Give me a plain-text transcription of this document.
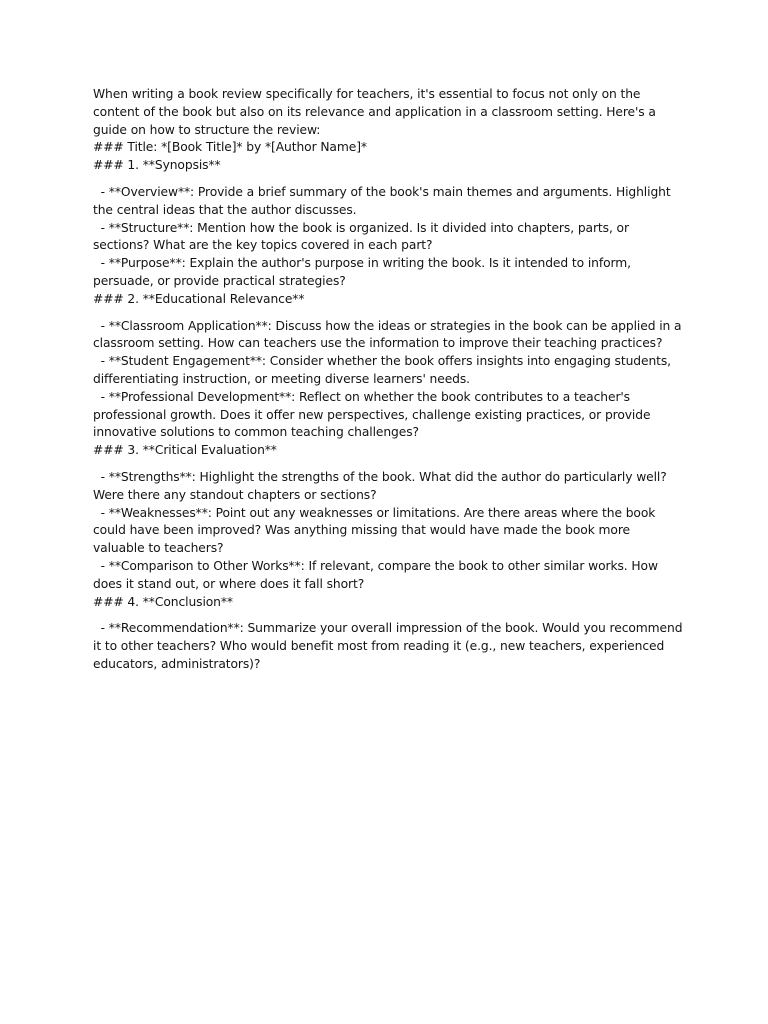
When writing a book review specifically for teachers, it's essential to focus not only on the content of the book but also on its relevance and application in a classroom setting. Here's a guide on how to structure the review:

### Title: *[Book Title]* by *[Author Name]*

### 1. **Synopsis**

- **Overview**: Provide a brief summary of the book's main themes and arguments. Highlight the central ideas that the author discusses.

- **Structure**: Mention how the book is organized. Is it divided into chapters, parts, or sections? What are the key topics covered in each part?

- **Purpose**: Explain the author's purpose in writing the book. Is it intended to inform, persuade, or provide practical strategies?

### 2. **Educational Relevance**

- **Classroom Application**: Discuss how the ideas or strategies in the book can be applied in a classroom setting. How can teachers use the information to improve their teaching practices?

- **Student Engagement**: Consider whether the book offers insights into engaging students, differentiating instruction, or meeting diverse learners' needs.

- **Professional Development**: Reflect on whether the book contributes to a teacher's professional growth. Does it offer new perspectives, challenge existing practices, or provide innovative solutions to common teaching challenges?

### 3. **Critical Evaluation**

- **Strengths**: Highlight the strengths of the book. What did the author do particularly well? Were there any standout chapters or sections?

- **Weaknesses**: Point out any weaknesses or limitations. Are there areas where the book could have been improved? Was anything missing that would have made the book more valuable to teachers?

- **Comparison to Other Works**: If relevant, compare the book to other similar works. How does it stand out, or where does it fall short?

### 4. **Conclusion**

- **Recommendation**: Summarize your overall impression of the book. Would you recommend it to other teachers? Who would benefit most from reading it (e.g., new teachers, experienced educators, administrators)?
